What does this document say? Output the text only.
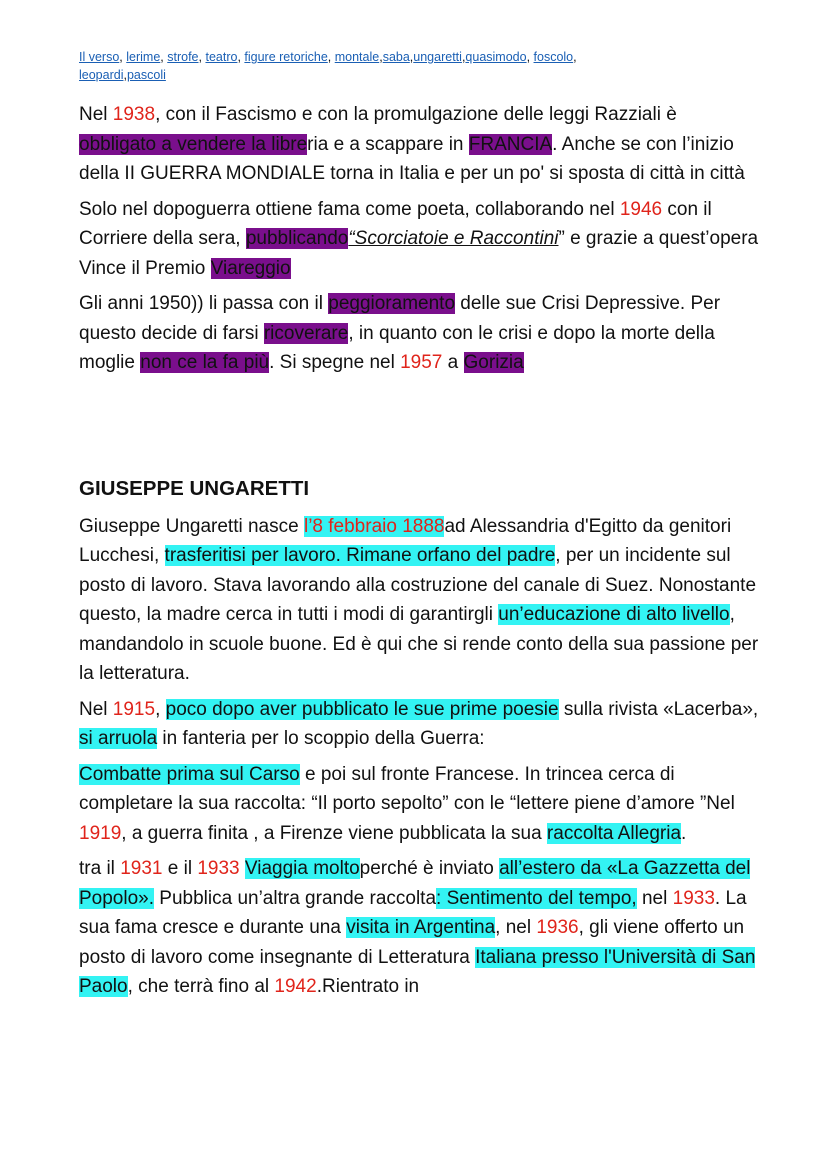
Il verso, lerime, strofe, teatro, figure retoriche, montale,saba,ungaretti,quasimodo, foscolo,
leopardi,pascoli

Nel 1938, con il Fascismo e con la promulgazione delle leggi Razziali è obbligato a vendere la libreria e a scappare in FRANCIA. Anche se con l’inizio della II GUERRA MONDIALE torna in Italia e per un po' si sposta di città in città

Solo nel dopoguerra ottiene fama come poeta, collaborando nel 1946 con il Corriere della sera, pubblicando“Scorciatoie e Raccontini” e grazie a quest’opera Vince il Premio Viareggio

Gli anni 1950)) li passa con il peggioramento delle sue Crisi Depressive. Per questo decide di farsi ricoverare, in quanto con le crisi e dopo la morte della moglie non ce la fa più. Si spegne nel 1957 a Gorizia

GIUSEPPE UNGARETTI

Giuseppe Ungaretti nasce l’8 febbraio 1888ad Alessandria d'Egitto da genitori Lucchesi, trasferitisi per lavoro. Rimane orfano del padre, per un incidente sul posto di lavoro. Stava lavorando alla costruzione del canale di Suez. Nonostante questo, la madre cerca in tutti i modi di garantirgli un’educazione di alto livello, mandandolo in scuole buone. Ed è qui che si rende conto della sua passione per la letteratura.

Nel 1915, poco dopo aver pubblicato le sue prime poesie sulla rivista «Lacerba», si arruola in fanteria per lo scoppio della Guerra:

Combatte prima sul Carso e poi sul fronte Francese. In trincea cerca di completare la sua raccolta: “Il porto sepolto” con le “lettere piene d’amore ”Nel 1919, a guerra finita , a Firenze viene pubblicata la sua raccolta Allegria.

tra il 1931 e il 1933 Viaggia moltoperché è inviato all’estero da «La Gazzetta del Popolo». Pubblica un’altra grande raccolta: Sentimento del tempo, nel 1933. La sua fama cresce e durante una visita in Argentina, nel 1936, gli viene offerto un posto di lavoro come insegnante di Letteratura Italiana presso l'Università di San Paolo, che terrà fino al 1942.Rientrato in
